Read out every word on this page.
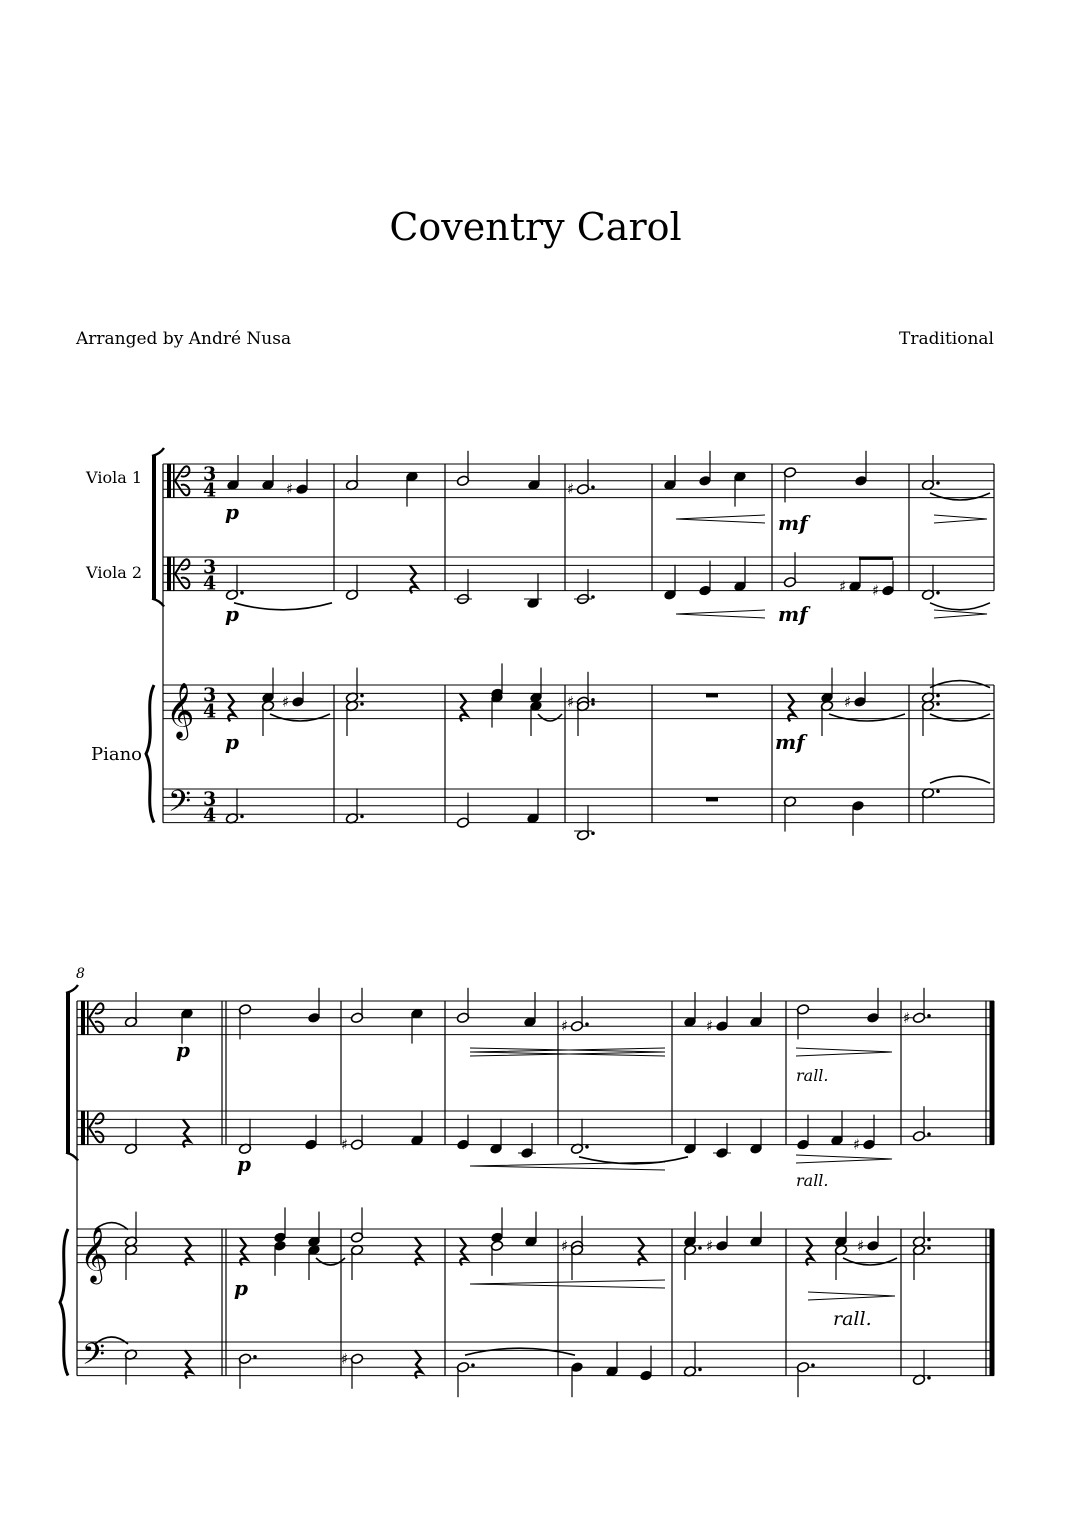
Coventry Carol
Arranged by André Nusa	Traditional
Viola 1
Viola 2
Piano
8
𝄞
𝄢
3
4
3
4
3
4
3
4
♯	♯
p	mf
♯ ♯
p	mf
♯	♯	♯
p	mf
𝄞
𝄢
♯	♯	♯
p
rall.
♯	♯
p
rall.
♯	♯	♯
p
rall.
♯
